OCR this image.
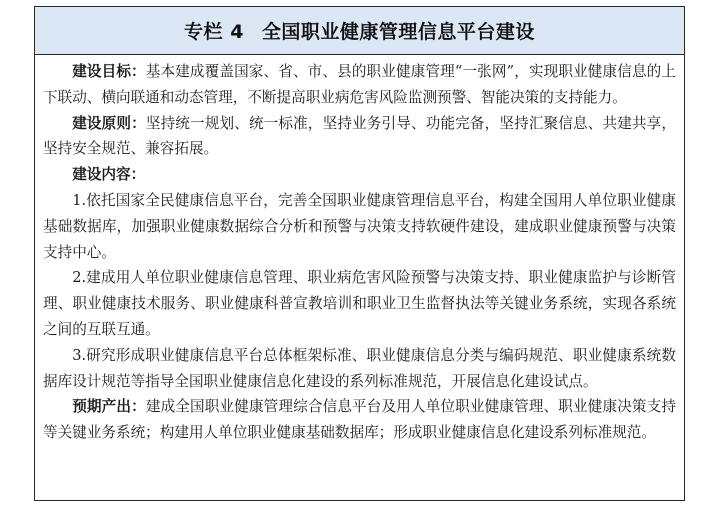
专栏 4 全国职业健康管理信息平台建设

建设目标：基本建成覆盖国家、省、市、县的职业健康管理“一张网”，实现职业健康信息的上下联动、横向联通和动态管理，不断提高职业病危害风险监测预警、智能决策的支持能力。

建设原则：坚持统一规划、统一标准，坚持业务引导、功能完备，坚持汇聚信息、共建共享，坚持安全规范、兼容拓展。

建设内容：

1.依托国家全民健康信息平台，完善全国职业健康管理信息平台，构建全国用人单位职业健康基础数据库，加强职业健康数据综合分析和预警与决策支持软硬件建设，建成职业健康预警与决策支持中心。

2.建成用人单位职业健康信息管理、职业病危害风险预警与决策支持、职业健康监护与诊断管理、职业健康技术服务、职业健康科普宣教培训和职业卫生监督执法等关键业务系统，实现各系统之间的互联互通。

3.研究形成职业健康信息平台总体框架标准、职业健康信息分类与编码规范、职业健康系统数据库设计规范等指导全国职业健康信息化建设的系列标准规范，开展信息化建设试点。

预期产出：建成全国职业健康管理综合信息平台及用人单位职业健康管理、职业健康决策支持等关键业务系统；构建用人单位职业健康基础数据库；形成职业健康信息化建设系列标准规范。
